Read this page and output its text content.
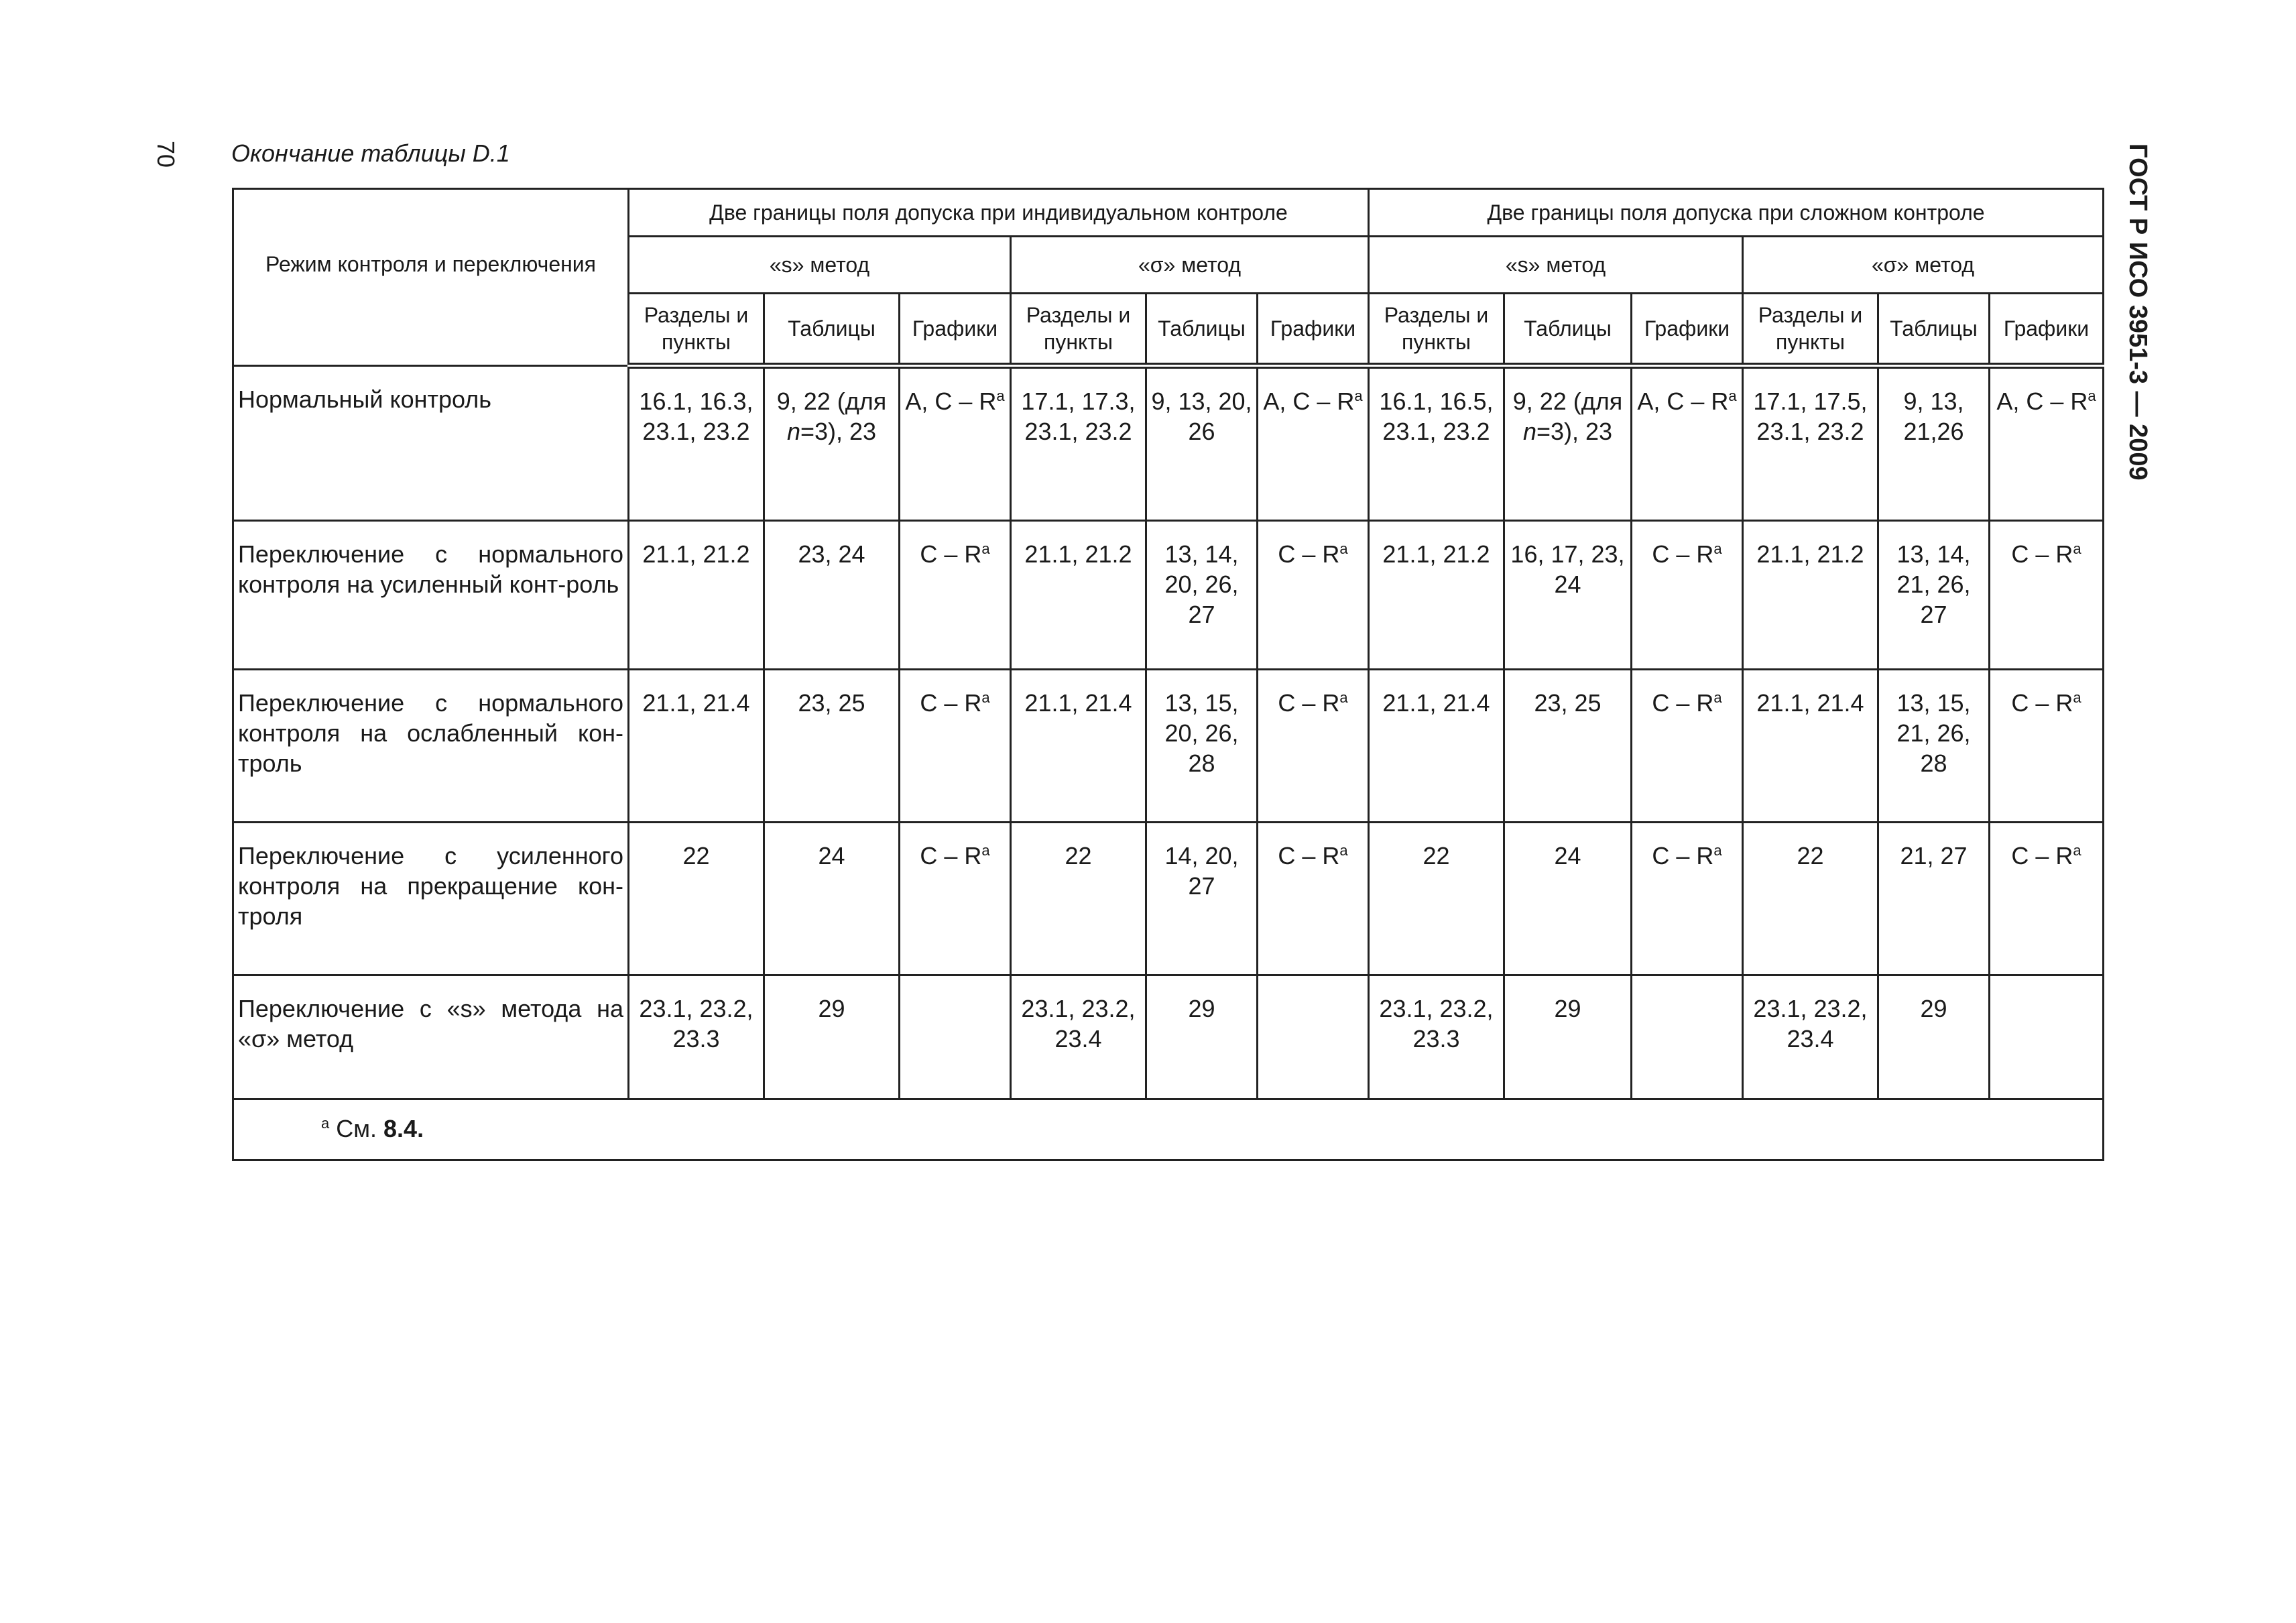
70 Окончание таблицы D.1	ГОСТ Р ИСО 3951-3 — 2009
Режим контроля и переключения	Две границы поля допуска при индивидуальном контроле						Две границы поля допуска при сложном контроле					
	«s» метод			«σ» метод			«s» метод			«σ» метод		
	Разделы и пункты	Таблицы	Графики	Разделы и пункты	Таблицы	Графики	Разделы и пункты	Таблицы	Графики	Разделы и пункты	Таблицы	Графики

Нормальный контроль	16.1, 16.3, 23.1, 23.2	9, 22 (для n=3), 23	A, C – $R^a$	17.1, 17.3, 23.1, 23.2	9, 13, 20, 26	A, C – $R^a$	16.1, 16.5, 23.1, 23.2	9, 22 (для n=3), 23	A, C – $R^a$	17.1, 17.5, 23.1, 23.2	9, 13, 21,26	A, C – $R^a$

Переключение с нормального контроля на усиленный конт-роль	21.1, 21.2	23, 24	C – $R^a$	21.1, 21.2	13, 14, 20, 26, 27	C – $R^a$	21.1, 21.2	16, 17, 23, 24	C – $R^a$	21.1, 21.2	13, 14, 21, 26, 27	C – $R^a$

Переключение с нормального контроля на ослабленный кон-троль	21.1, 21.4	23, 25	C – $R^a$	21.1, 21.4	13, 15, 20, 26, 28	C – $R^a$	21.1, 21.4	23, 25	C – $R^a$	21.1, 21.4	13, 15, 21, 26, 28	C – $R^a$

Переключение с усиленного контроля на прекращение кон-троля	22	24	C – $R^a$	22	14, 20, 27	C – $R^a$	22	24	C – $R^a$	22	21, 27	C – $R^a$

Переключение с «s» метода на «σ» метод	23.1, 23.2, 23.3	29		23.1, 23.2, 23.4	29		23.1, 23.2, 23.3	29		23.1, 23.2, 23.4	29	
$^a$ См. 8.4.												
